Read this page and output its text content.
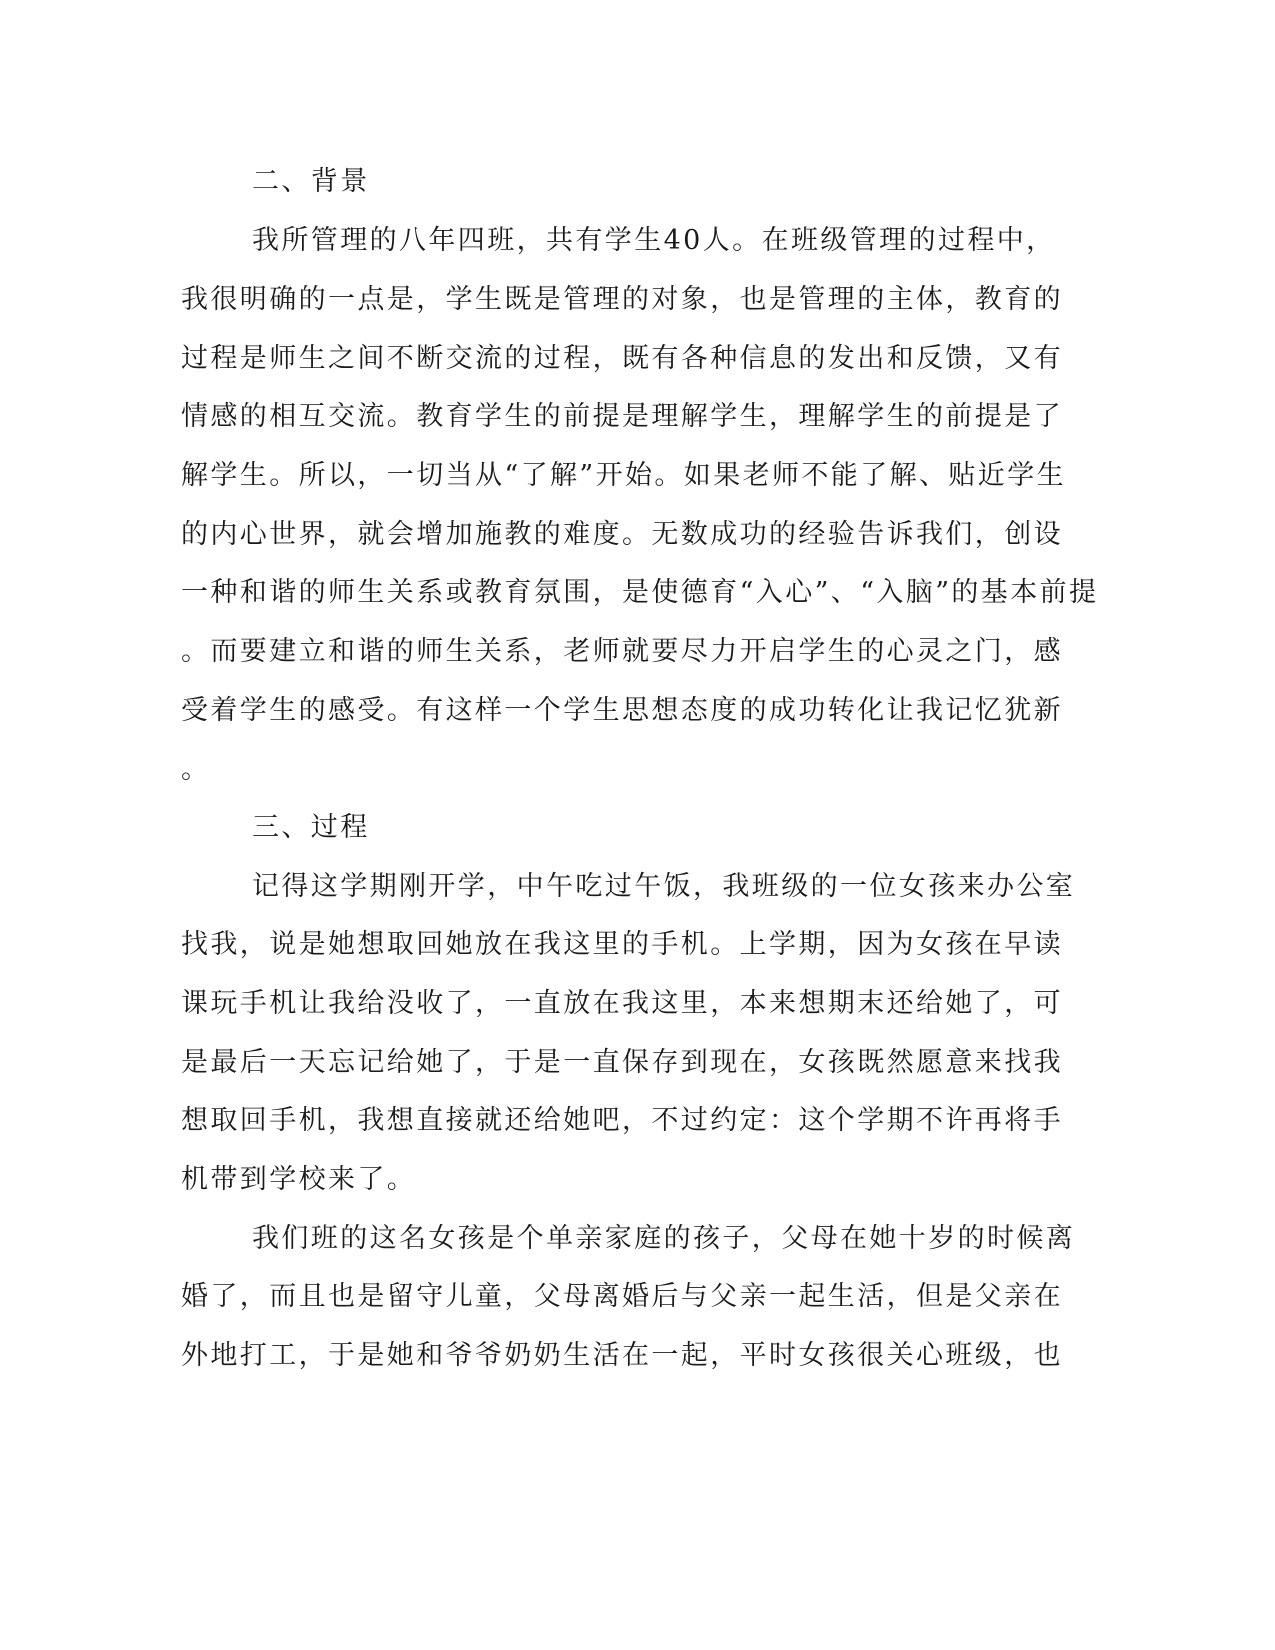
二、背景
我所管理的八年四班，共有学生40人。在班级管理的过程中，
我很明确的一点是，学生既是管理的对象，也是管理的主体，教育的
过程是师生之间不断交流的过程，既有各种信息的发出和反馈，又有
情感的相互交流。教育学生的前提是理解学生，理解学生的前提是了
解学生。所以，一切当从“了解”开始。如果老师不能了解、贴近学生
的内心世界，就会增加施教的难度。无数成功的经验告诉我们，创设
一种和谐的师生关系或教育氛围，是使德育“入心”、“入脑”的基本前提
。而要建立和谐的师生关系，老师就要尽力开启学生的心灵之门，感
受着学生的感受。有这样一个学生思想态度的成功转化让我记忆犹新
。
三、过程
记得这学期刚开学，中午吃过午饭，我班级的一位女孩来办公室
找我，说是她想取回她放在我这里的手机。上学期，因为女孩在早读
课玩手机让我给没收了，一直放在我这里，本来想期末还给她了，可
是最后一天忘记给她了，于是一直保存到现在，女孩既然愿意来找我
想取回手机，我想直接就还给她吧，不过约定：这个学期不许再将手
机带到学校来了。
我们班的这名女孩是个单亲家庭的孩子，父母在她十岁的时候离
婚了，而且也是留守儿童，父母离婚后与父亲一起生活，但是父亲在
外地打工，于是她和爷爷奶奶生活在一起，平时女孩很关心班级，也
